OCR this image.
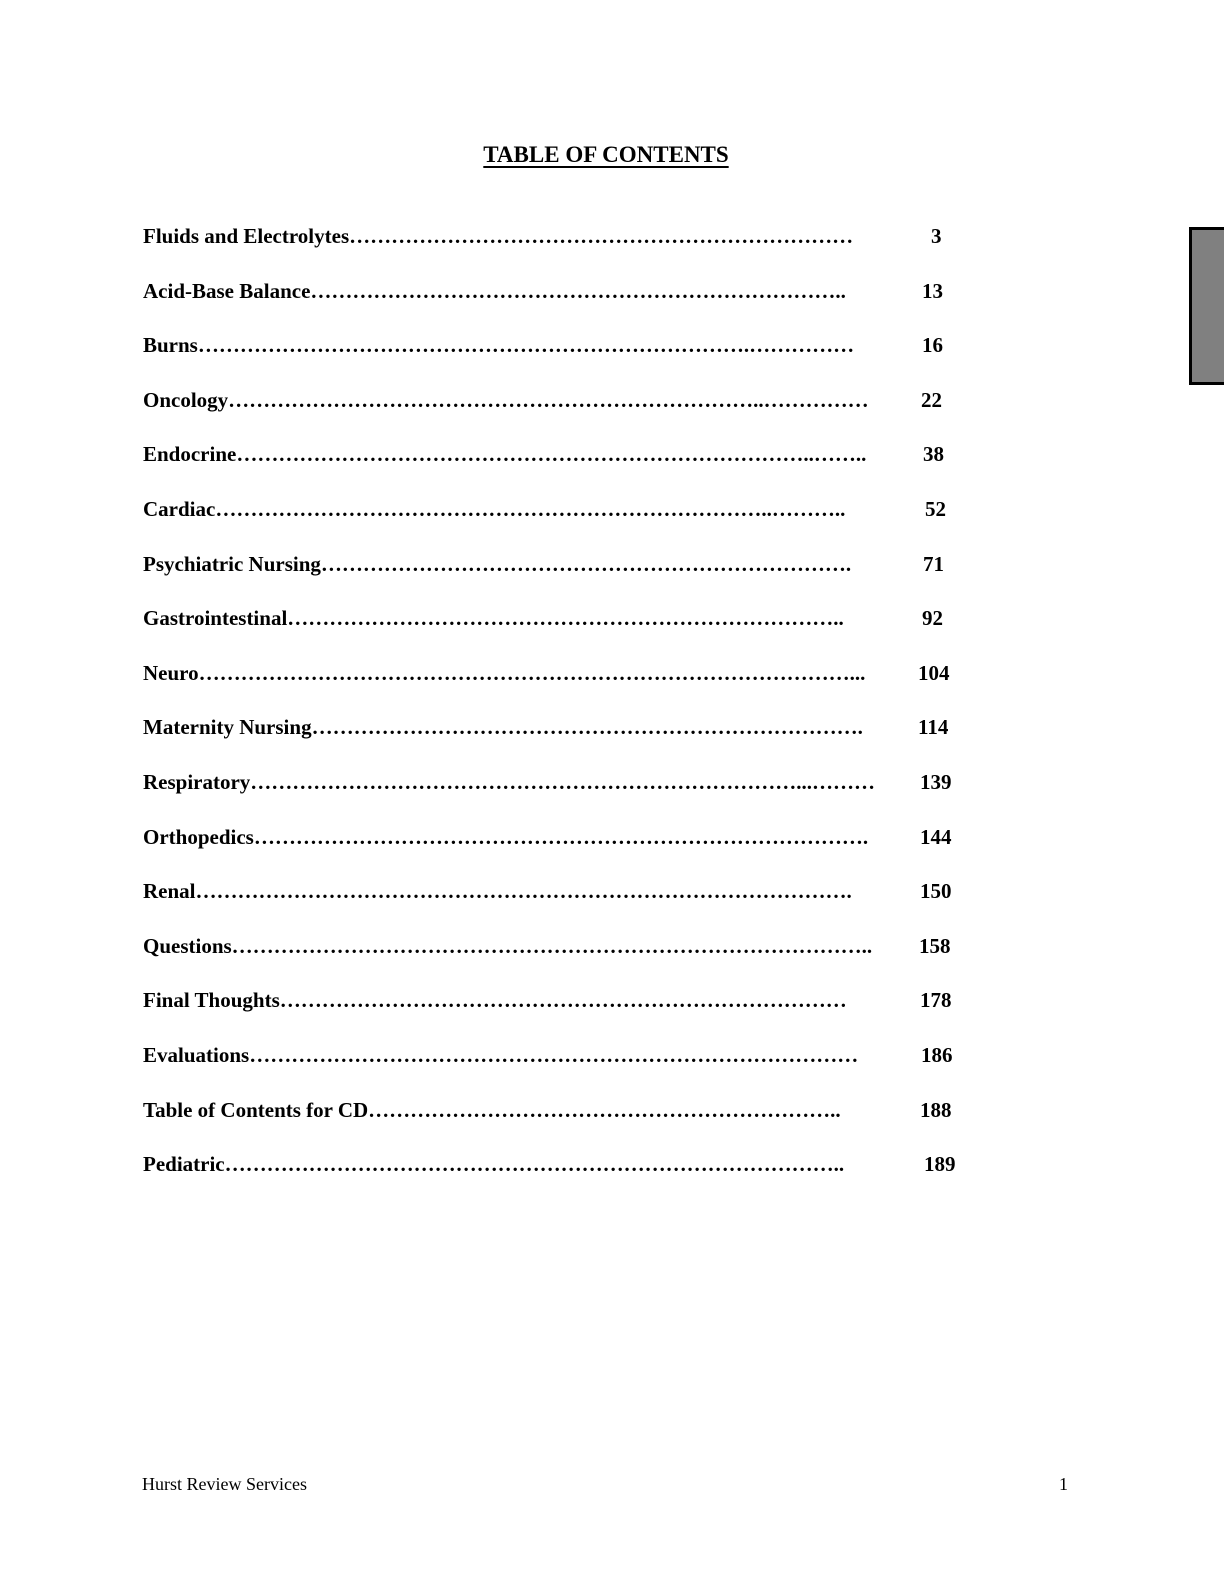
TABLE OF CONTENTS
Fluids and Electrolytes………………………………………………………………	3
Acid-Base Balance…………………………………………………………………..	13
Burns…………………………………………………………………….……………	16
Oncology…………………………………………………………………..……………	22
Endocrine………………………………………………………………………..……..	38
Cardiac……………………………………………………………………..………..	52
Psychiatric Nursing………………………………………………………………….	71
Gastrointestinal……………………………………………………………………..	92
Neuro…………………………………………………………………………………...	104
Maternity Nursing…………………………………………………………………….	114
Respiratory……………………………………………………………………...………	139
Orthopedics…………………………………………………………………………….	144
Renal………………………………………………………………………………….	150
Questions………………………………………………………………………………..	158
Final Thoughts………………………………………………………………………	178
Evaluations……………………………………………………………………………	186
Table of Contents for CD…………………………………………………………..	188
Pediatric……………………………………………………………………………..	189
Hurst Review Services	1
